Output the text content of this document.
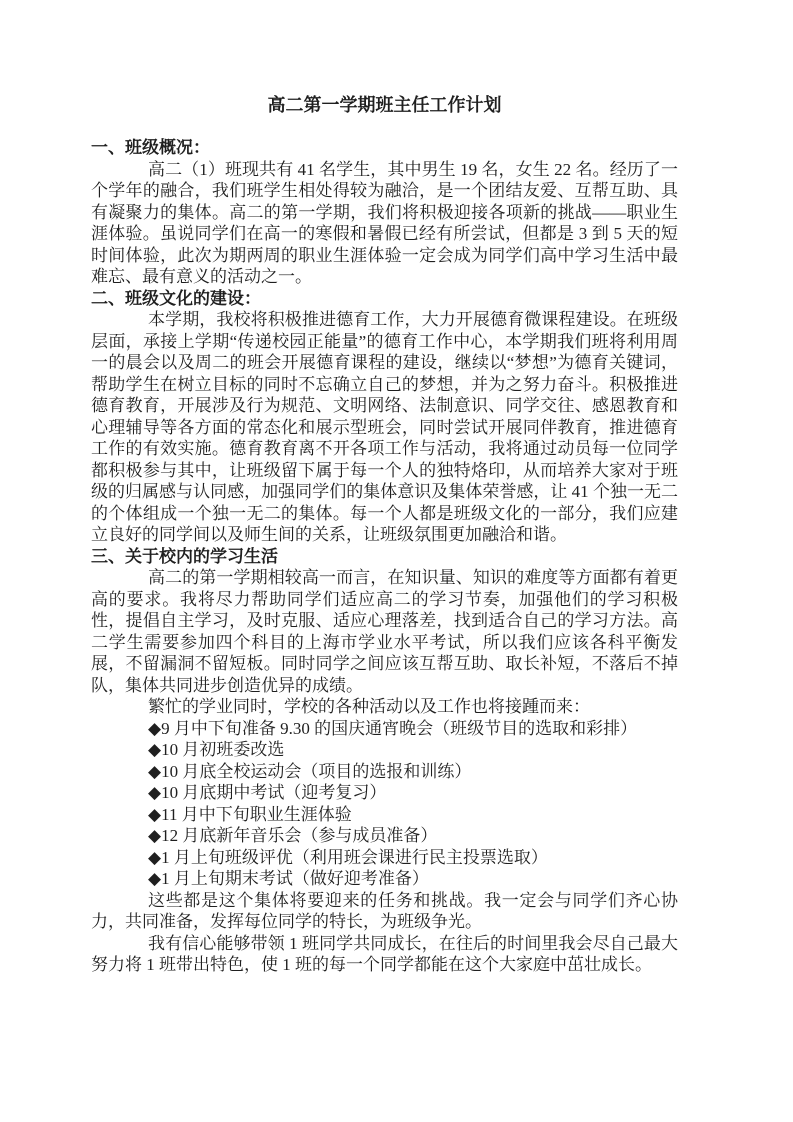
高二第一学期班主任工作计划
一、班级概况：

高二（1）班现共有 41 名学生，其中男生 19 名，女生 22 名。经历了一个学年的融合，我们班学生相处得较为融洽，是一个团结友爱、互帮互助、具有凝聚力的集体。高二的第一学期，我们将积极迎接各项新的挑战——职业生涯体验。虽说同学们在高一的寒假和暑假已经有所尝试，但都是 3 到 5 天的短时间体验，此次为期两周的职业生涯体验一定会成为同学们高中学习生活中最难忘、最有意义的活动之一。

二、班级文化的建设：

本学期，我校将积极推进德育工作，大力开展德育微课程建设。在班级层面，承接上学期“传递校园正能量”的德育工作中心，本学期我们班将利用周一的晨会以及周二的班会开展德育课程的建设，继续以“梦想”为德育关键词，帮助学生在树立目标的同时不忘确立自己的梦想，并为之努力奋斗。积极推进德育教育，开展涉及行为规范、文明网络、法制意识、同学交往、感恩教育和心理辅导等各方面的常态化和展示型班会，同时尝试开展同伴教育，推进德育工作的有效实施。德育教育离不开各项工作与活动，我将通过动员每一位同学都积极参与其中，让班级留下属于每一个人的独特烙印，从而培养大家对于班级的归属感与认同感，加强同学们的集体意识及集体荣誉感，让 41 个独一无二的个体组成一个独一无二的集体。每一个人都是班级文化的一部分，我们应建立良好的同学间以及师生间的关系，让班级氛围更加融洽和谐。

三、关于校内的学习生活

高二的第一学期相较高一而言，在知识量、知识的难度等方面都有着更高的要求。我将尽力帮助同学们适应高二的学习节奏，加强他们的学习积极性，提倡自主学习，及时克服、适应心理落差，找到适合自己的学习方法。高二学生需要参加四个科目的上海市学业水平考试，所以我们应该各科平衡发展，不留漏洞不留短板。同时同学之间应该互帮互助、取长补短，不落后不掉队，集体共同进步创造优异的成绩。

繁忙的学业同时，学校的各种活动以及工作也将接踵而来：

◆9 月中下旬准备 9.30 的国庆通宵晚会（班级节目的选取和彩排）
◆10 月初班委改选
◆10 月底全校运动会（项目的选报和训练）
◆10 月底期中考试（迎考复习）
◆11 月中下旬职业生涯体验
◆12 月底新年音乐会（参与成员准备）
◆1 月上旬班级评优（利用班会课进行民主投票选取）
◆1 月上旬期末考试（做好迎考准备）

这些都是这个集体将要迎来的任务和挑战。我一定会与同学们齐心协力，共同准备，发挥每位同学的特长，为班级争光。

我有信心能够带领 1 班同学共同成长，在往后的时间里我会尽自己最大努力将 1 班带出特色，使 1 班的每一个同学都能在这个大家庭中茁壮成长。
